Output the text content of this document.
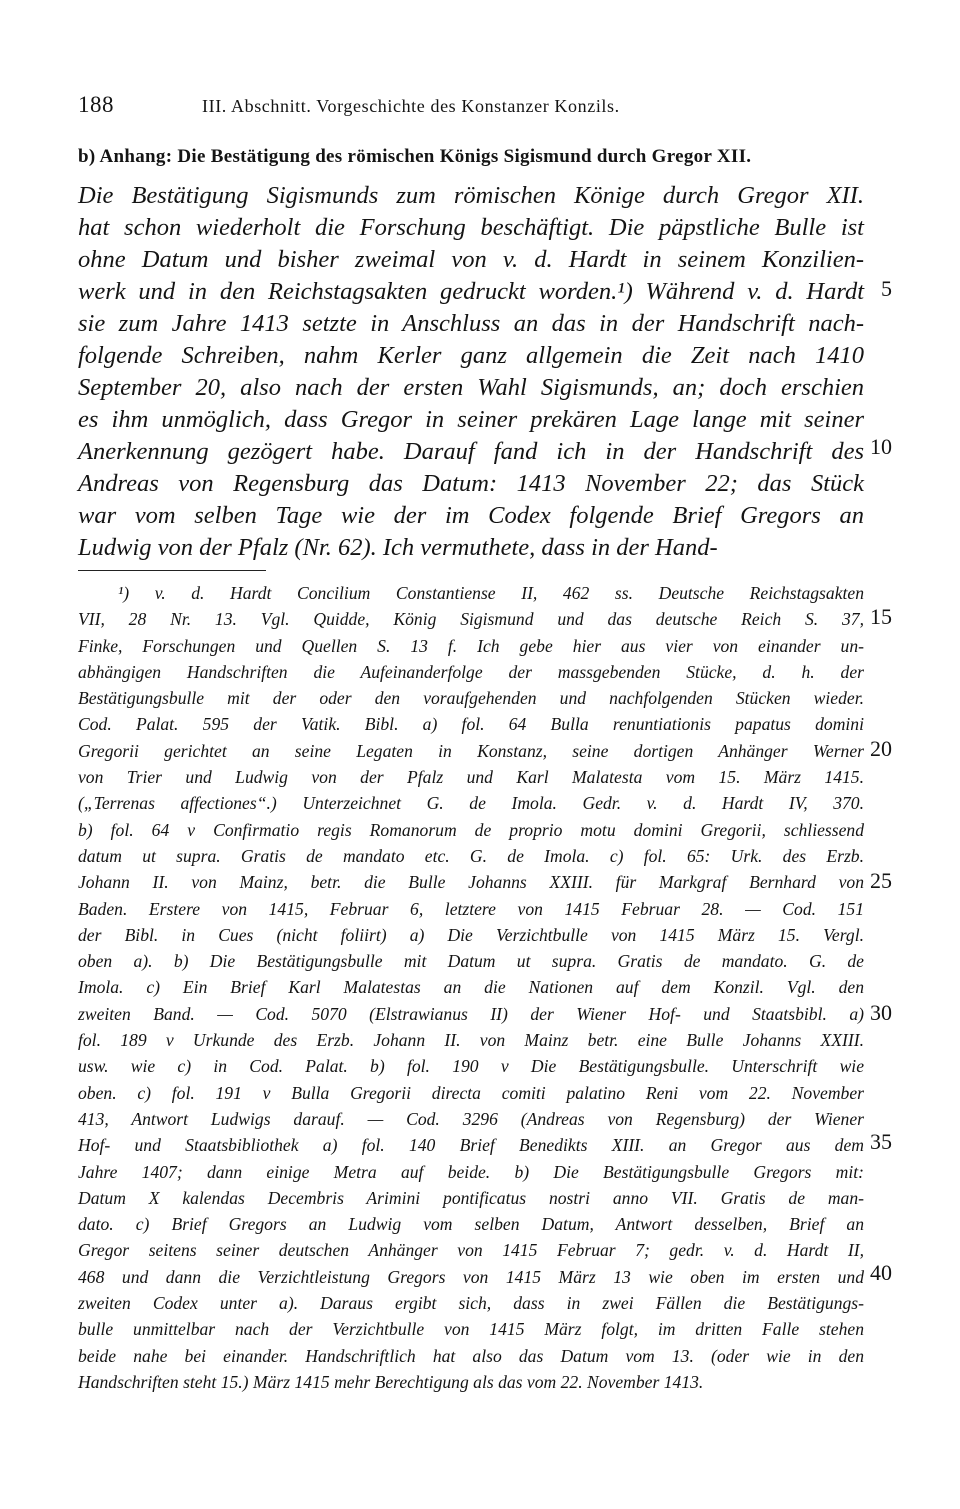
188	III. Abschnitt. Vorgeschichte des Konstanzer Konzils.
b) Anhang: Die Bestätigung des römischen Königs Sigismund durch Gregor XII.
Die Bestätigung Sigismunds zum römischen Könige durch Gregor XII.
hat schon wiederholt die Forschung beschäftigt. Die päpstliche Bulle ist
ohne Datum und bisher zweimal von v. d. Hardt in seinem Konzilien-
werk und in den Reichstagsakten gedruckt worden.¹) Während v. d. Hardt
sie zum Jahre 1413 setzte in Anschluss an das in der Handschrift nach-
folgende Schreiben, nahm Kerler ganz allgemein die Zeit nach 1410
September 20, also nach der ersten Wahl Sigismunds, an; doch erschien
es ihm unmöglich, dass Gregor in seiner prekären Lage lange mit seiner
Anerkennung gezögert habe. Darauf fand ich in der Handschrift des
Andreas von Regensburg das Datum: 1413 November 22; das Stück
war vom selben Tage wie der im Codex folgende Brief Gregors an
Ludwig von der Pfalz (Nr. 62). Ich vermuthete, dass in der Hand-
¹) v. d. Hardt Concilium Constantiense II, 462 ss. Deutsche Reichstagsakten
VII, 28 Nr. 13. Vgl. Quidde, König Sigismund und das deutsche Reich S. 37,
Finke, Forschungen und Quellen S. 13 f. Ich gebe hier aus vier von einander un-
abhängigen Handschriften die Aufeinanderfolge der massgebenden Stücke, d. h. der
Bestätigungsbulle mit der oder den voraufgehenden und nachfolgenden Stücken wieder.
Cod. Palat. 595 der Vatik. Bibl. a) fol. 64 Bulla renuntiationis papatus domini
Gregorii gerichtet an seine Legaten in Konstanz, seine dortigen Anhänger Werner
von Trier und Ludwig von der Pfalz und Karl Malatesta vom 15. März 1415.
(„Terrenas affectiones“.) Unterzeichnet G. de Imola. Gedr. v. d. Hardt IV, 370.
b) fol. 64 v Confirmatio regis Romanorum de proprio motu domini Gregorii, schliessend
datum ut supra. Gratis de mandato etc. G. de Imola. c) fol. 65: Urk. des Erzb.
Johann II. von Mainz, betr. die Bulle Johanns XXIII. für Markgraf Bernhard von
Baden. Erstere von 1415, Februar 6, letztere von 1415 Februar 28. — Cod. 151
der Bibl. in Cues (nicht foliirt) a) Die Verzichtbulle von 1415 März 15. Vergl.
oben a). b) Die Bestätigungsbulle mit Datum ut supra. Gratis de mandato. G. de
Imola. c) Ein Brief Karl Malatestas an die Nationen auf dem Konzil. Vgl. den
zweiten Band. — Cod. 5070 (Elstrawianus II) der Wiener Hof- und Staatsbibl. a)
fol. 189 v Urkunde des Erzb. Johann II. von Mainz betr. eine Bulle Johanns XXIII.
usw. wie c) in Cod. Palat. b) fol. 190 v Die Bestätigungsbulle. Unterschrift wie
oben. c) fol. 191 v Bulla Gregorii directa comiti palatino Reni vom 22. November
413, Antwort Ludwigs darauf. — Cod. 3296 (Andreas von Regensburg) der Wiener
Hof- und Staatsbibliothek a) fol. 140 Brief Benedikts XIII. an Gregor aus dem
Jahre 1407; dann einige Metra auf beide. b) Die Bestätigungsbulle Gregors mit:
Datum X kalendas Decembris Arimini pontificatus nostri anno VII. Gratis de man-
dato. c) Brief Gregors an Ludwig vom selben Datum, Antwort desselben, Brief an
Gregor seitens seiner deutschen Anhänger von 1415 Februar 7; gedr. v. d. Hardt II,
468 und dann die Verzichtleistung Gregors von 1415 März 13 wie oben im ersten und
zweiten Codex unter a). Daraus ergibt sich, dass in zwei Fällen die Bestätigungs-
bulle unmittelbar nach der Verzichtbulle von 1415 März folgt, im dritten Falle stehen
beide nahe bei einander. Handschriftlich hat also das Datum vom 13. (oder wie in den
Handschriften steht 15.) März 1415 mehr Berechtigung als das vom 22. November 1413.
5
10
15
20
25
30
35
40
